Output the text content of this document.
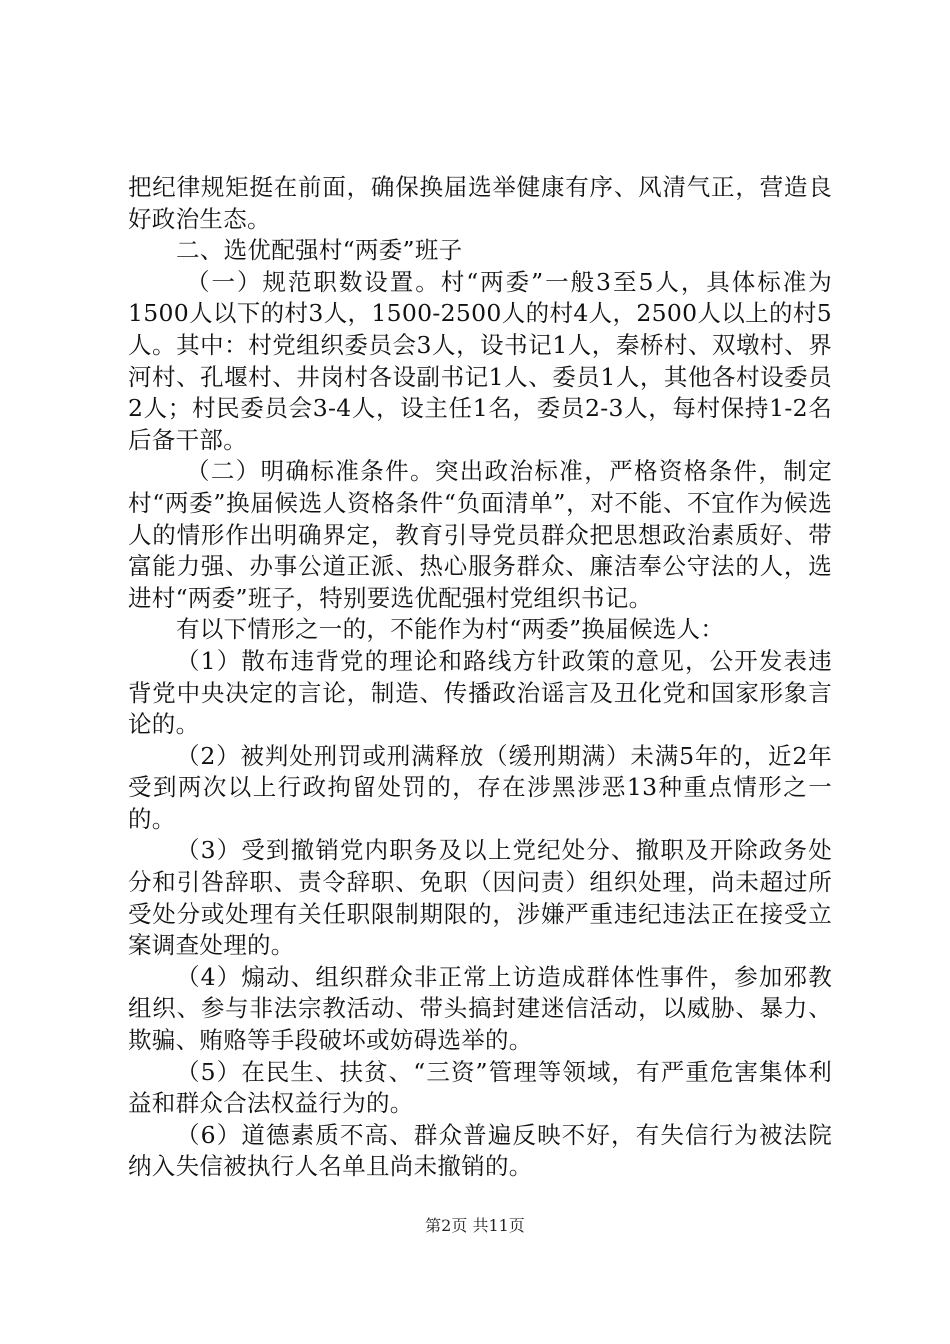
把纪律规矩挺在前面，确保换届选举健康有序、风清气正，营造良好政治生态。

二、选优配强村“两委”班子

（一）规范职数设置。村“两委”一般3至5人，具体标准为1500人以下的村3人，1500-2500人的村4人，2500人以上的村5人。其中：村党组织委员会3人，设书记1人，秦桥村、双墩村、界河村、孔堰村、井岗村各设副书记1人、委员1人，其他各村设委员2人；村民委员会3-4人，设主任1名，委员2-3人，每村保持1-2名后备干部。

（二）明确标准条件。突出政治标准，严格资格条件，制定村“两委”换届候选人资格条件“负面清单”，对不能、不宜作为候选人的情形作出明确界定，教育引导党员群众把思想政治素质好、带富能力强、办事公道正派、热心服务群众、廉洁奉公守法的人，选进村“两委”班子，特别要选优配强村党组织书记。

有以下情形之一的，不能作为村“两委”换届候选人：

（1）散布违背党的理论和路线方针政策的意见，公开发表违背党中央决定的言论，制造、传播政治谣言及丑化党和国家形象言论的。

（2）被判处刑罚或刑满释放（缓刑期满）未满5年的，近2年受到两次以上行政拘留处罚的，存在涉黑涉恶13种重点情形之一的。

（3）受到撤销党内职务及以上党纪处分、撤职及开除政务处分和引咎辞职、责令辞职、免职（因问责）组织处理，尚未超过所受处分或处理有关任职限制期限的，涉嫌严重违纪违法正在接受立案调查处理的。

（4）煽动、组织群众非正常上访造成群体性事件，参加邪教组织、参与非法宗教活动、带头搞封建迷信活动，以威胁、暴力、欺骗、贿赂等手段破坏或妨碍选举的。

（5）在民生、扶贫、“三资”管理等领域，有严重危害集体利益和群众合法权益行为的。

（6）道德素质不高、群众普遍反映不好，有失信行为被法院纳入失信被执行人名单且尚未撤销的。

第2页 共11页
